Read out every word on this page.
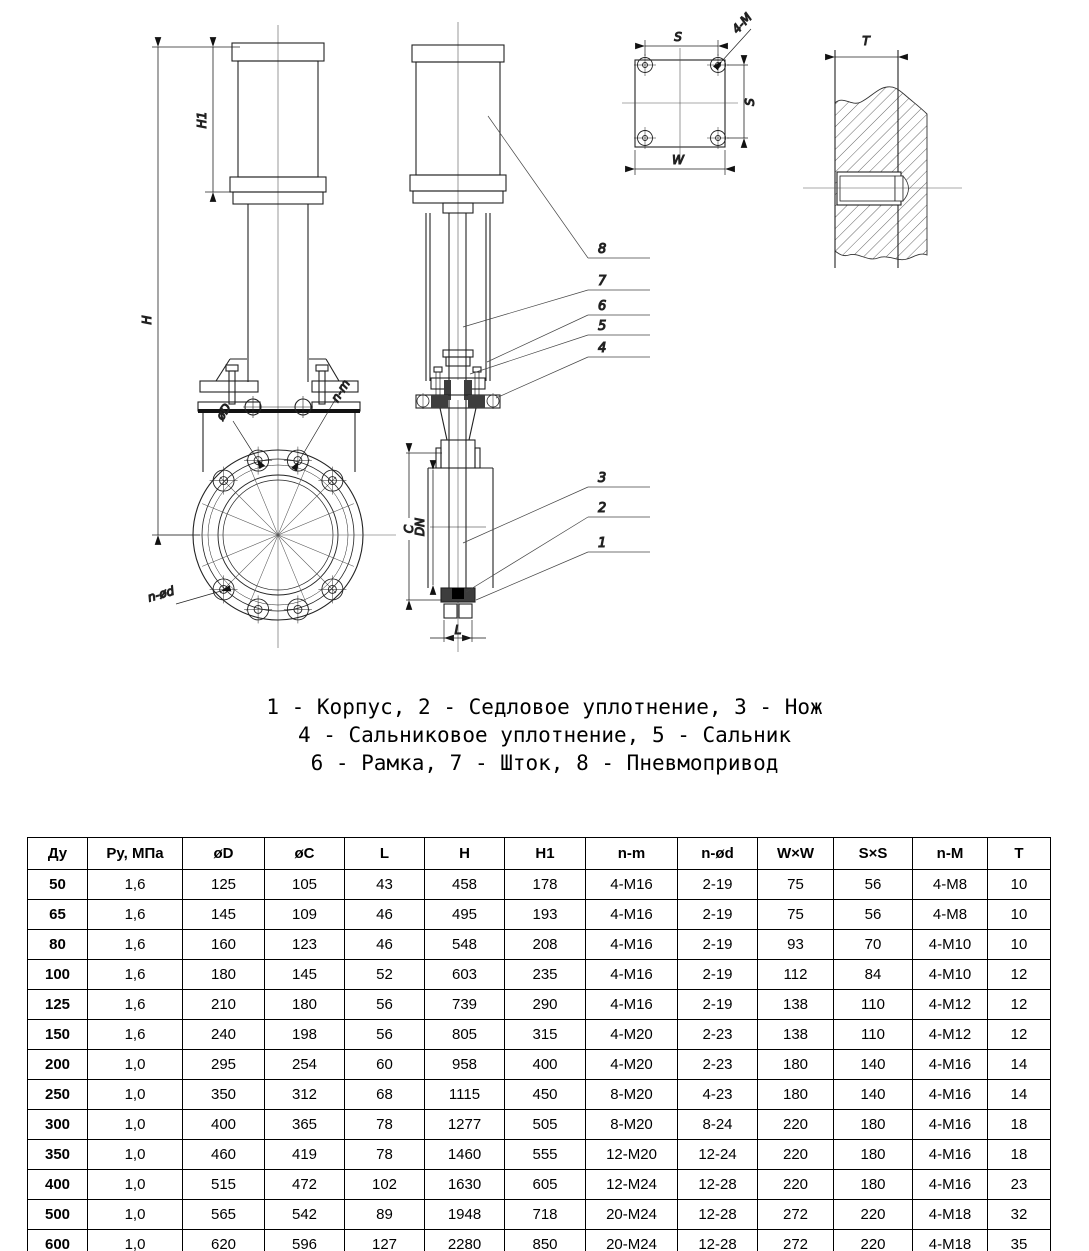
H1
H
n-m
øD
n-ød
L
C
DN
8
7
6
5
4
3
2
1
S
S
W
4-M
T
1 - Корпус, 2 - Седловое уплотнение, 3 - Нож
4 - Сальниковое уплотнение, 5 - Сальник
6 - Рамка, 7 - Шток, 8 - Пневмопривод
Ду	Ру, МПа	øD	øC	L	H	H1	n-m	n-ød	W×W	S×S	n-M	T
50	1,6	125	105	43	458	178	4-M16	2-19	75	56	4-M8	10
65	1,6	145	109	46	495	193	4-M16	2-19	75	56	4-M8	10
80	1,6	160	123	46	548	208	4-M16	2-19	93	70	4-M10	10
100	1,6	180	145	52	603	235	4-M16	2-19	112	84	4-M10	12
125	1,6	210	180	56	739	290	4-M16	2-19	138	110	4-M12	12
150	1,6	240	198	56	805	315	4-M20	2-23	138	110	4-M12	12
200	1,0	295	254	60	958	400	4-M20	2-23	180	140	4-M16	14
250	1,0	350	312	68	1115	450	8-M20	4-23	180	140	4-M16	14
300	1,0	400	365	78	1277	505	8-M20	8-24	220	180	4-M16	18
350	1,0	460	419	78	1460	555	12-M20	12-24	220	180	4-M16	18
400	1,0	515	472	102	1630	605	12-M24	12-28	220	180	4-M16	23
500	1,0	565	542	89	1948	718	20-M24	12-28	272	220	4-M18	32
600	1,0	620	596	127	2280	850	20-M24	12-28	272	220	4-M18	35
